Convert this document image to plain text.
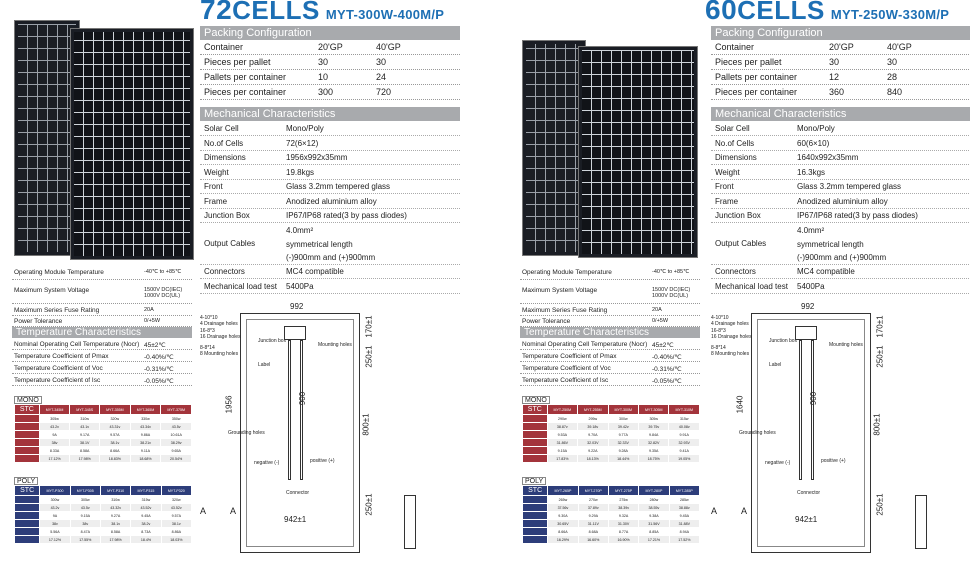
72CELLS MYT-300W-400M/P	60CELLS MYT-250W-330M/P
Packing Configuration
Container	20'GP	40'GP
Pieces per pallet	30	30
Pallets per container	10	24
Pieces per container	300	720
Mechanical Characteristics
Solar Cell	Mono/Poly
No.of Cells	72(6×12)
Dimensions	1956x992x35mm
Weight	19.8kgs
Front	Glass 3.2mm tempered glass
Frame	Anodized aluminium alloy
Junction Box	IP67/IP68 rated(3 by pass diodes)
Output Cables
4.0mm²
symmetrical length
(-)900mm and (+)900mm
Connectors	MC4 compatible
Mechanical load test 5400Pa
Operating Module Temperature	-40℃ to +85℃
Maximum System Voltage	1500V DC(IEC)
1000V DC(UL)
Maximum Series Fuse Rating	20A
Power Tolerance	0/+5W
Temperature Characteristics
Nominal Operating Cell Temperature (Nocr) 45±2℃
Temperature Coefficient of Pmax	-0.40%/℃
Temperature Coefficient of Voc	-0.31%/℃
Temperature Coefficient of Isc	-0.05%/℃
MONO
STC	MYT-345M	MYT-345S	MYT-355M	MYT-365M	MYT-375M
	305w	310w	320w	330w	350w
	43.2v	43.1v	43.31v	43.34v	43.5v
	9A	9.17A	9.57A	9.86A	10.61A
	38v	38.1V	38.1v	38.21v	38.29v
	8.33A	8.58A	8.66A	9.11A	9.65A
	17.12%	17.98%	18.83%	18.68%	20.54%
POLY
STC	MYT-P300	MYT-P305	MYT-P310	MYT-P315	MYT-P320
	300w	305w	310w	315w	320w
	43.2v	43.5v	43.32v	43.52v	43.52v
	9A	9.15A	9.27A	9.45A	9.57A
	38v	38v	38.1v	38.2v	38.1v
	5.56A	8.47A	8.58A	8.73A	8.86A
	17.12%	17.55%	17.98%	18.4%	18.03%
992
1956	900
800±1
942±1
170±1
250±1
250±1
4-10*10
4 Drainage holes
16-8*3
16 Drainage holes
8-8*14
8 Mounting holes
Junction box
Mounting holes
Label
Grounding holes
negative (-)	positive (+)
Connector
A	A
Packing Configuration
Container	20'GP	40'GP
Pieces per pallet	30	30
Pallets per container	12	28
Pieces per container	360	840
Mechanical Characteristics
Solar Cell	Mono/Poly
No.of Cells	60(6×10)
Dimensions	1640x992x35mm
Weight	16.3kgs
Front	Glass 3.2mm tempered glass
Frame	Anodized aluminium alloy
Junction Box	IP67/IP68 rated(3 by pass diodes)
Output Cables
4.0mm²
symmetrical length
(-)900mm and (+)900mm
Connectors	MC4 compatible
Mechanical load test 5400Pa
Operating Module Temperature	-40℃ to +85℃
Maximum System Voltage	1500V DC(IEC)
1000V DC(UL)
Maximum Series Fuse Rating	20A
Power Tolerance	0/+5W
Temperature Characteristics
Nominal Operating Cell Temperature (Nocr) 45±2℃
Temperature Coefficient of Pmax	-0.40%/℃
Temperature Coefficient of Voc	-0.31%/℃
Temperature Coefficient of Isc	-0.05%/℃
MONO
STC	MYT-250M	MYT-255M	MYT-300M	MYT-305M	MYT-310M
	290w	295w	300w	305w	315w
	38.87v	39.18v	39.42v	39.75v	40.08v
	9.53A	9.70A	9.77A	9.84A	9.91A
	31.86V	32.03V	32.33V	32.82V	32.93V
	9.15A	9.22A	9.28A	9.35A	9.41A
	17.83%	18.13%	18.44%	18.75%	19.05%
POLY
STC	MYT-265P	MYT-270P	MYT-275P	MYT-280P	MYT-285P
	265w	270w	275w	280w	285w
	37.56v	37.89v	38.39v	38.55v	38.88v
	9.30A	9.29A	9.32A	9.38A	9.45A
	30.65V	31.11V	31.30V	31.56V	31.88V
	8.66A	8.68A	8.77A	8.85A	8.94A
	16.29%	16.60%	16.90%	17.21%	17.52%
992
1640	900
800±1
942±1
170±1
250±1
250±1
4-10*10
4 Drainage holes
16-8*3
16 Drainage holes
8-8*14
8 Mounting holes
Junction box
Mounting holes
Label
Grounding holes
negative (-)	positive (+)
Connector
A	A
